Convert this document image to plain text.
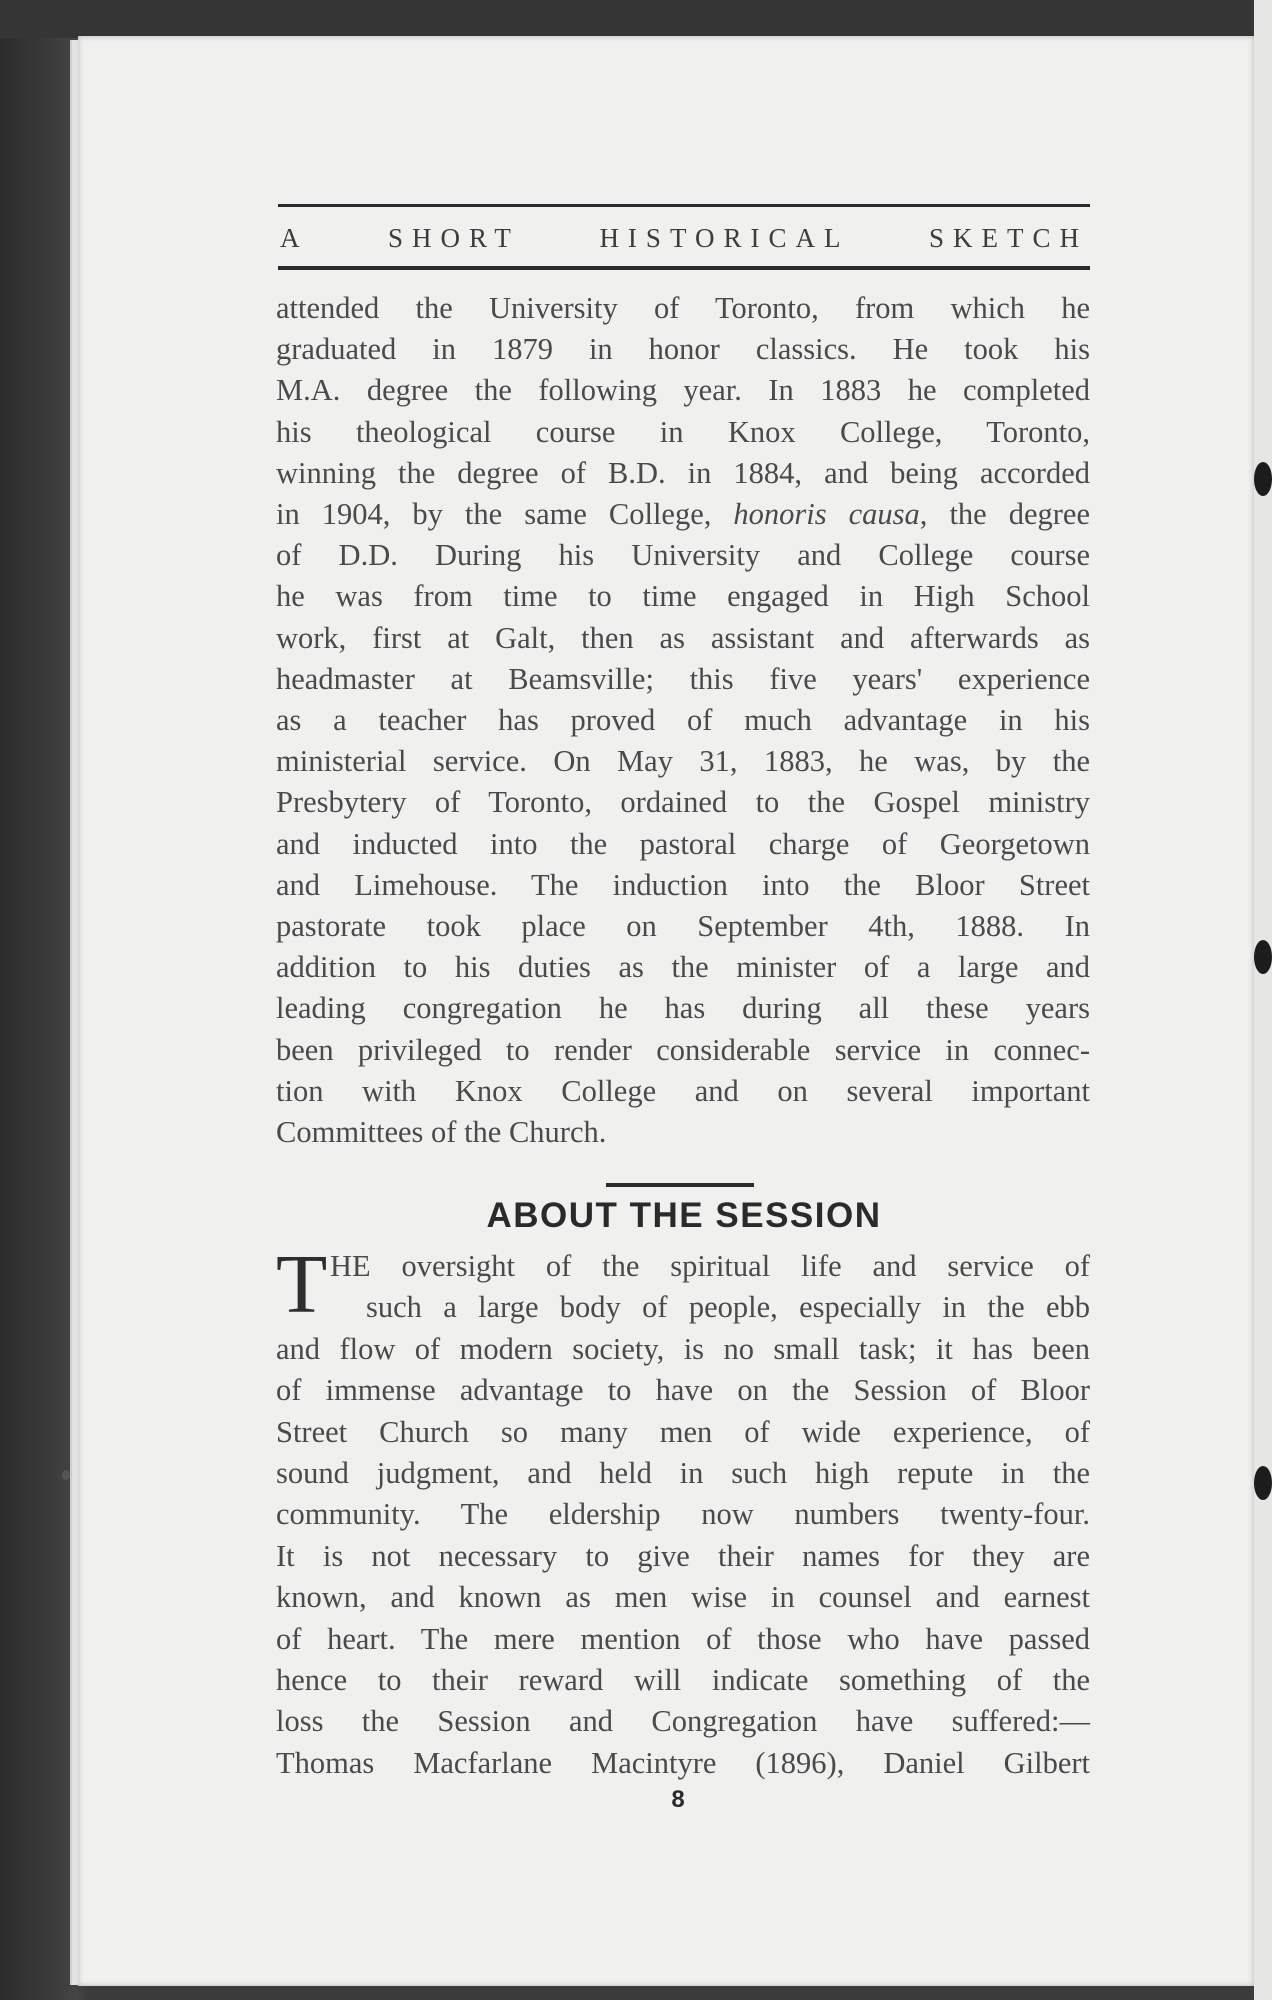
A	SHORT	HISTORICAL	SKETCH
attended the University of Toronto, from which he
graduated in 1879 in honor classics. He took his
M.A. degree the following year. In 1883 he completed
his theological course in Knox College, Toronto,
winning the degree of B.D. in 1884, and being accorded
in 1904, by the same College, honoris causa, the degree
of D.D. During his University and College course
he was from time to time engaged in High School
work, first at Galt, then as assistant and afterwards as
headmaster at Beamsville; this five years' experience
as a teacher has proved of much advantage in his
ministerial service. On May 31, 1883, he was, by the
Presbytery of Toronto, ordained to the Gospel ministry
and inducted into the pastoral charge of Georgetown
and Limehouse. The induction into the Bloor Street
pastorate took place on September 4th, 1888. In
addition to his duties as the minister of a large and
leading congregation he has during all these years
been privileged to render considerable service in connec-
tion with Knox College and on several important
Committees of the Church.
ABOUT THE SESSION
T HE oversight of the spiritual life and service of
such a large body of people, especially in the ebb
and flow of modern society, is no small task; it has been
of immense advantage to have on the Session of Bloor
Street Church so many men of wide experience, of
sound judgment, and held in such high repute in the
community. The eldership now numbers twenty-four.
It is not necessary to give their names for they are
known, and known as men wise in counsel and earnest
of heart. The mere mention of those who have passed
hence to their reward will indicate something of the
loss the Session and Congregation have suffered:—
Thomas Macfarlane Macintyre (1896), Daniel Gilbert
8
